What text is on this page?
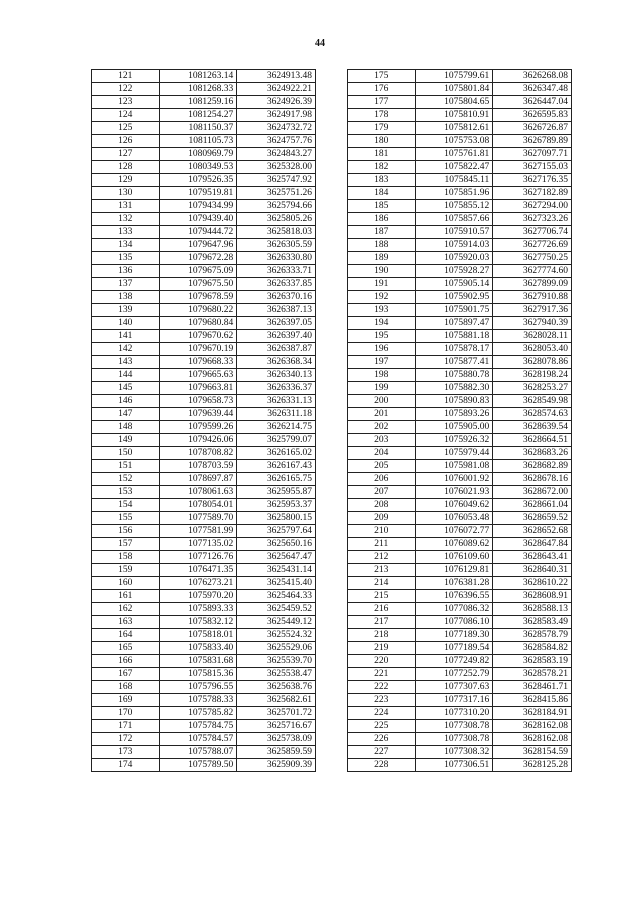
44
121	1081263.14	3624913.48
122	1081268.33	3624922.21
123	1081259.16	3624926.39
124	1081254.27	3624917.98
125	1081150.37	3624732.72
126	1081105.73	3624757.76
127	1080969.79	3624843.27
128	1080349.53	3625328.00
129	1079526.35	3625747.92
130	1079519.81	3625751.26
131	1079434.99	3625794.66
132	1079439.40	3625805.26
133	1079444.72	3625818.03
134	1079647.96	3626305.59
135	1079672.28	3626330.80
136	1079675.09	3626333.71
137	1079675.50	3626337.85
138	1079678.59	3626370.16
139	1079680.22	3626387.13
140	1079680.84	3626397.05
141	1079670.62	3626397.40
142	1079670.19	3626387.87
143	1079668.33	3626368.34
144	1079665.63	3626340.13
145	1079663.81	3626336.37
146	1079658.73	3626331.13
147	1079639.44	3626311.18
148	1079599.26	3626214.75
149	1079426.06	3625799.07
150	1078708.82	3626165.02
151	1078703.59	3626167.43
152	1078697.87	3626165.75
153	1078061.63	3625955.87
154	1078054.01	3625953.37
155	1077589.70	3625800.15
156	1077581.99	3625797.64
157	1077135.02	3625650.16
158	1077126.76	3625647.47
159	1076471.35	3625431.14
160	1076273.21	3625415.40
161	1075970.20	3625464.33
162	1075893.33	3625459.52
163	1075832.12	3625449.12
164	1075818.01	3625524.32
165	1075833.40	3625529.06
166	1075831.68	3625539.70
167	1075815.36	3625538.47
168	1075796.55	3625638.76
169	1075788.33	3625682.61
170	1075785.82	3625701.72
171	1075784.75	3625716.67
172	1075784.57	3625738.09
173	1075788.07	3625859.59
174	1075789.50	3625909.39
175	1075799.61	3626268.08
176	1075801.84	3626347.48
177	1075804.65	3626447.04
178	1075810.91	3626595.83
179	1075812.61	3626726.87
180	1075753.08	3626789.89
181	1075761.81	3627097.71
182	1075822.47	3627155.03
183	1075845.11	3627176.35
184	1075851.96	3627182.89
185	1075855.12	3627294.00
186	1075857.66	3627323.26
187	1075910.57	3627706.74
188	1075914.03	3627726.69
189	1075920.03	3627750.25
190	1075928.27	3627774.60
191	1075905.14	3627899.09
192	1075902.95	3627910.88
193	1075901.75	3627917.36
194	1075897.47	3627940.39
195	1075881.18	3628028.11
196	1075878.17	3628053.40
197	1075877.41	3628078.86
198	1075880.78	3628198.24
199	1075882.30	3628253.27
200	1075890.83	3628549.98
201	1075893.26	3628574.63
202	1075905.00	3628639.54
203	1075926.32	3628664.51
204	1075979.44	3628683.26
205	1075981.08	3628682.89
206	1076001.92	3628678.16
207	1076021.93	3628672.00
208	1076049.62	3628661.04
209	1076053.48	3628659.52
210	1076072.77	3628652.68
211	1076089.62	3628647.84
212	1076109.60	3628643.41
213	1076129.81	3628640.31
214	1076381.28	3628610.22
215	1076396.55	3628608.91
216	1077086.32	3628588.13
217	1077086.10	3628583.49
218	1077189.30	3628578.79
219	1077189.54	3628584.82
220	1077249.82	3628583.19
221	1077252.79	3628578.21
222	1077307.63	3628461.71
223	1077317.16	3628415.86
224	1077310.20	3628184.91
225	1077308.78	3628162.08
226	1077308.78	3628162.08
227	1077308.32	3628154.59
228	1077306.51	3628125.28
